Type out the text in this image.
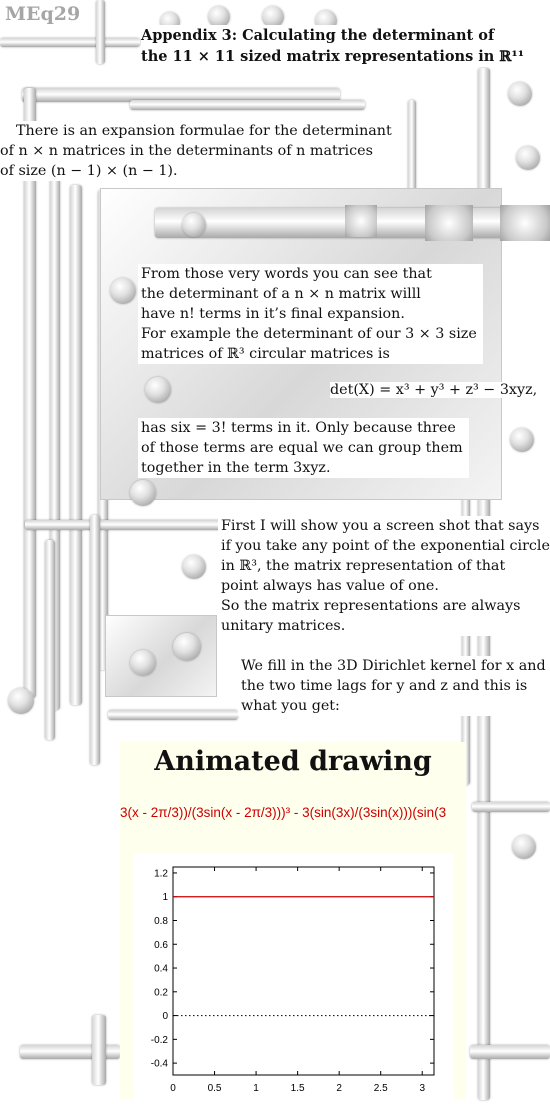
MEq29
Appendix 3: Calculating the determinant of
the 11 × 11 sized matrix representations in ℝ¹¹
There is an expansion formulae for the determinant
of n × n matrices in the determinants of n matrices
of size (n − 1) × (n − 1).
From those very words you can see that
the determinant of a n × n matrix willl
have n! terms in it’s final expansion.
For example the determinant of our 3 × 3 size
matrices of ℝ³ circular matrices is
det(X) = x³ + y³ + z³ − 3xyz,
has six = 3! terms in it. Only because three
of those terms are equal we can group them
together in the term 3xyz.
First I will show you a screen shot that says
if you take any point of the exponential circle
in ℝ³, the matrix representation of that
point always has value of one.
So the matrix representations are always
unitary matrices.
We fill in the 3D Dirichlet kernel for x and
the two time lags for y and z and this is
what you get:
Animated drawing
3(x - 2π/3))/(3sin(x - 2π/3)))³ - 3(sin(3x)/(3sin(x)))(sin(3
1.2
1
0.8
0.6
0.4
0.2
0
-0.2
-0.4
0	0.5	1	1.5	2	2.5	3
